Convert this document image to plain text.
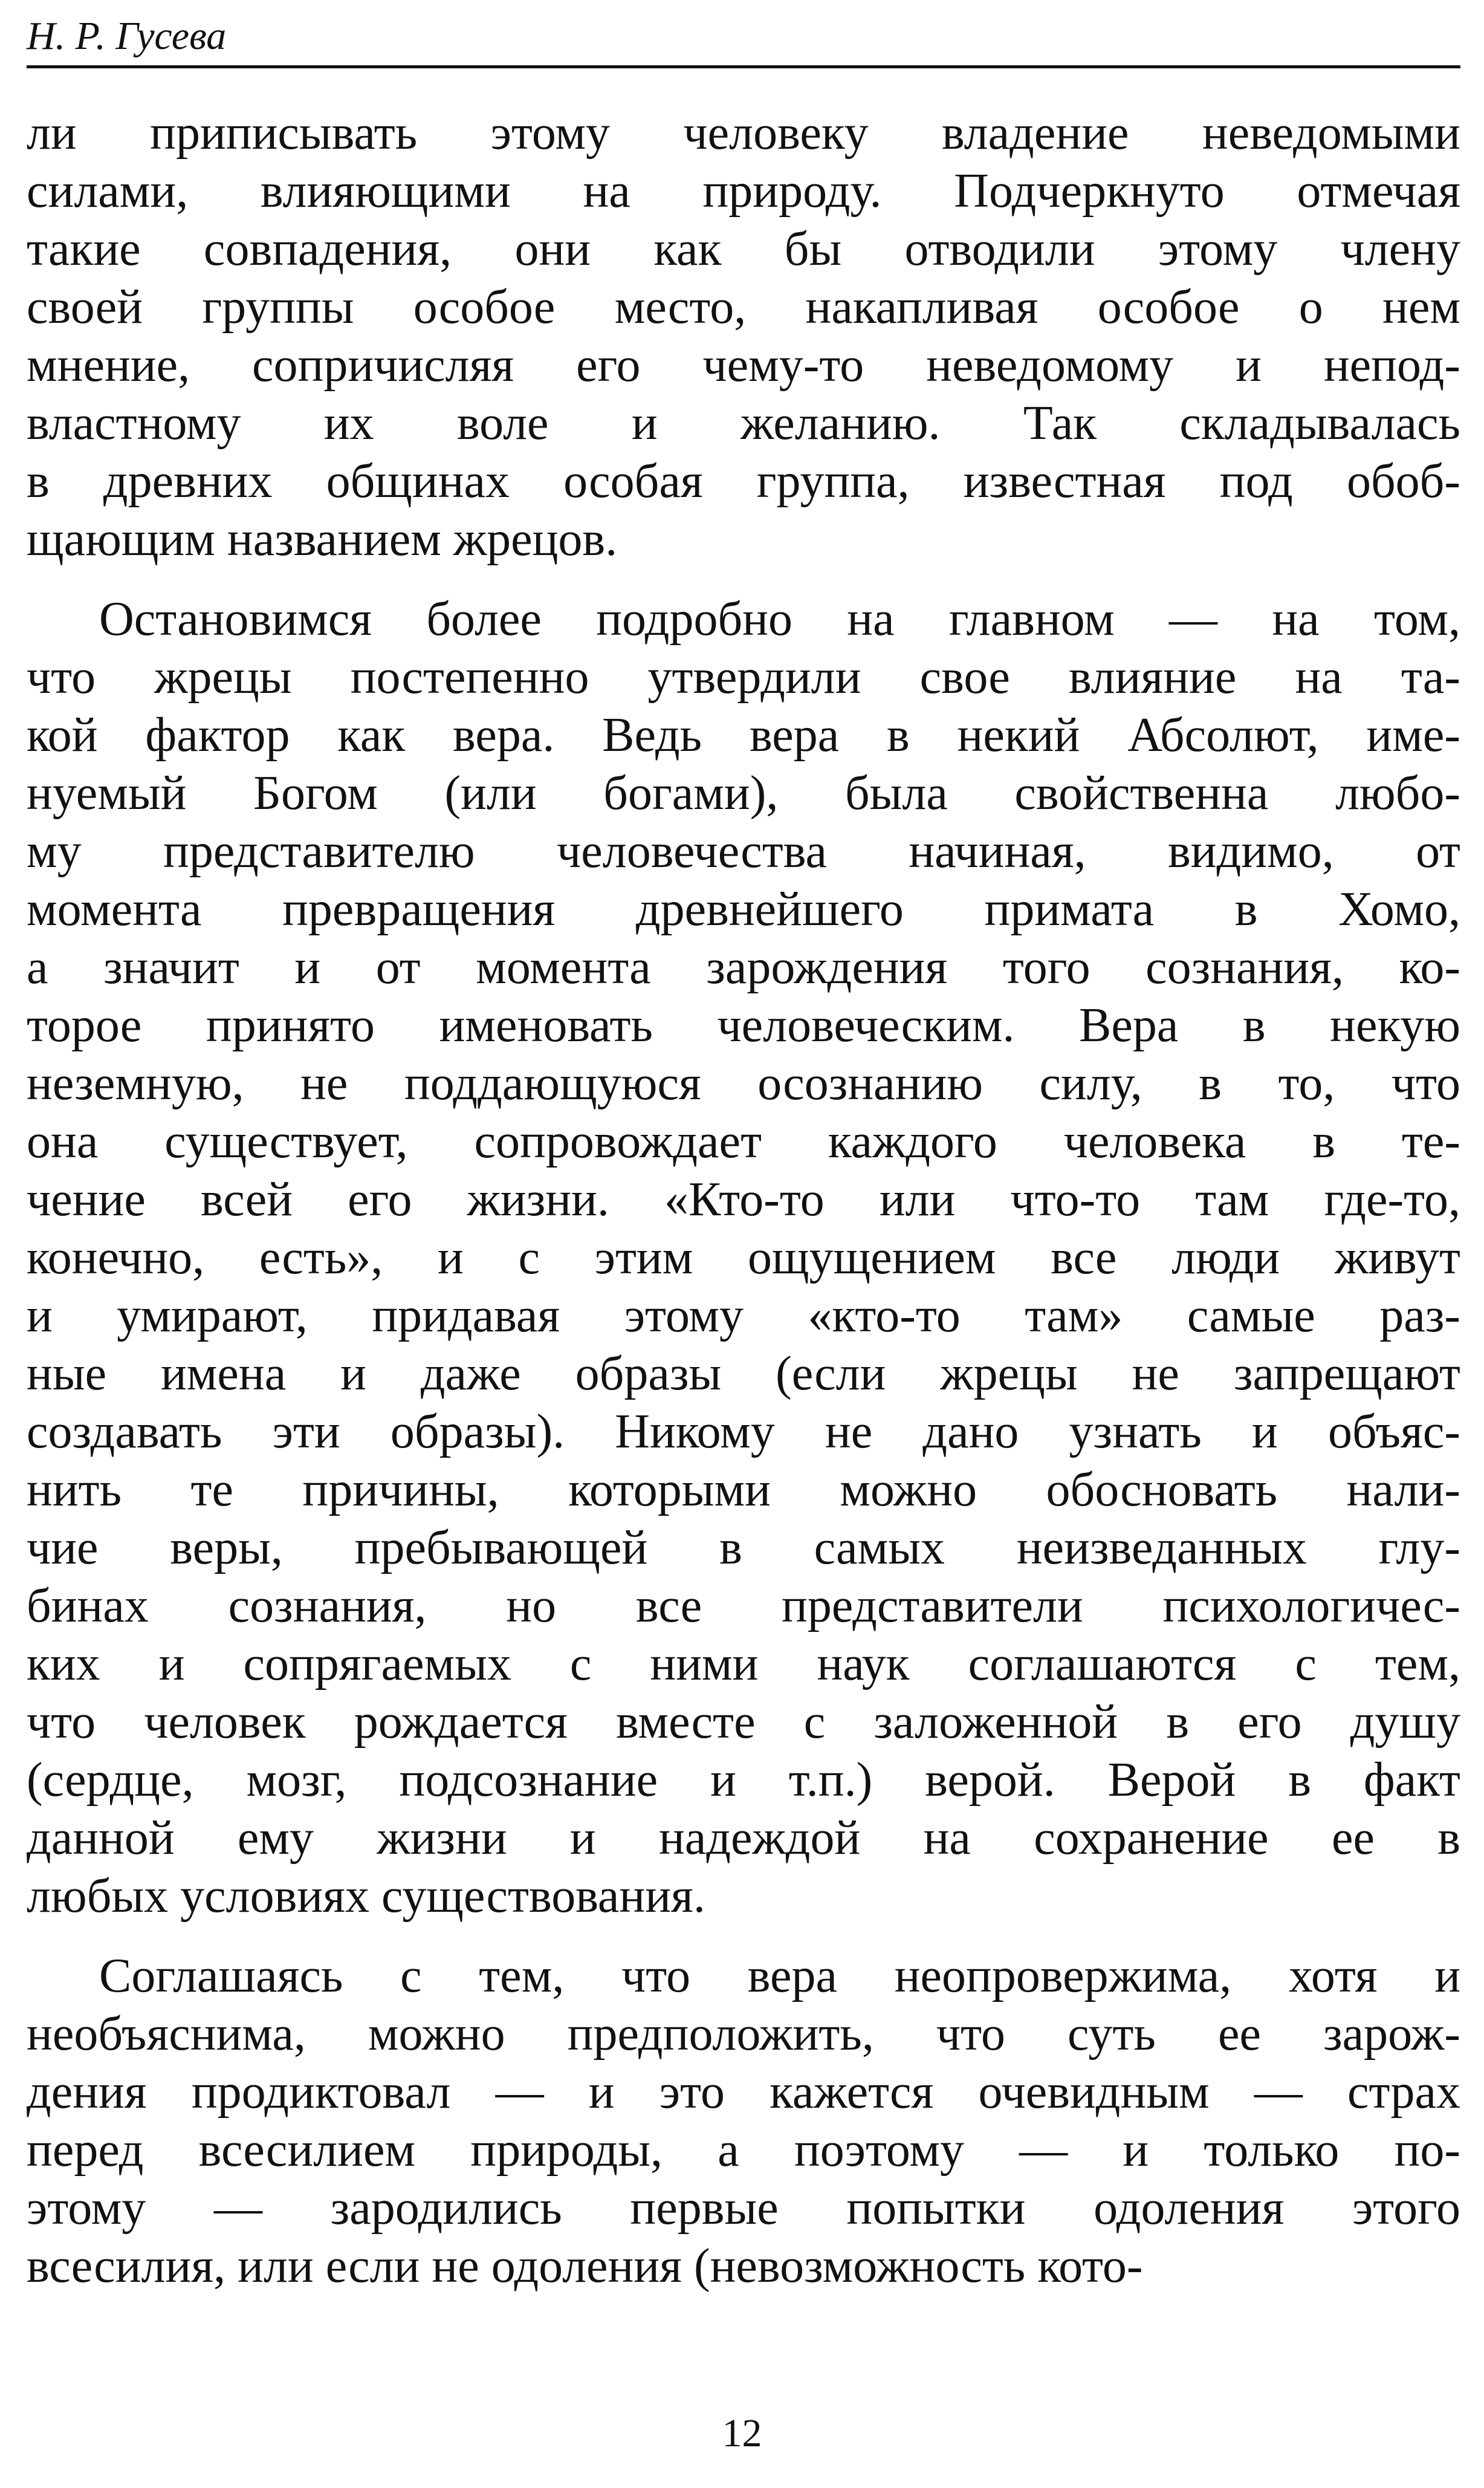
Н. Р. Гусева
ли приписывать этому человеку владение неведомыми
силами, влияющими на природу. Подчеркнуто отмечая
такие совпадения, они как бы отводили этому члену
своей группы особое место, накапливая особое о нем
мнение, сопричисляя его чему-то неведомому и непод-
властному их воле и желанию. Так складывалась
в древних общинах особая группа, известная под обоб-
щающим названием жрецов.
Остановимся более подробно на главном — на том,
что жрецы постепенно утвердили свое влияние на та-
кой фактор как вера. Ведь вера в некий Абсолют, име-
нуемый Богом (или богами), была свойственна любо-
му представителю человечества начиная, видимо, от
момента превращения древнейшего примата в Хомо,
а значит и от момента зарождения того сознания, ко-
торое принято именовать человеческим. Вера в некую
неземную, не поддающуюся осознанию силу, в то, что
она существует, сопровождает каждого человека в те-
чение всей его жизни. «Кто-то или что-то там где-то,
конечно, есть», и с этим ощущением все люди живут
и умирают, придавая этому «кто-то там» самые раз-
ные имена и даже образы (если жрецы не запрещают
создавать эти образы). Никому не дано узнать и объяс-
нить те причины, которыми можно обосновать нали-
чие веры, пребывающей в самых неизведанных глу-
бинах сознания, но все представители психологичес-
ких и сопрягаемых с ними наук соглашаются с тем,
что человек рождается вместе с заложенной в его душу
(сердце, мозг, подсознание и т.п.) верой. Верой в факт
данной ему жизни и надеждой на сохранение ее в
любых условиях существования.
Соглашаясь с тем, что вера неопровержима, хотя и
необъяснима, можно предположить, что суть ее зарож-
дения продиктовал — и это кажется очевидным — страх
перед всесилием природы, а поэтому — и только по-
этому — зародились первые попытки одоления этого
всесилия, или если не одоления (невозможность кото-
12
